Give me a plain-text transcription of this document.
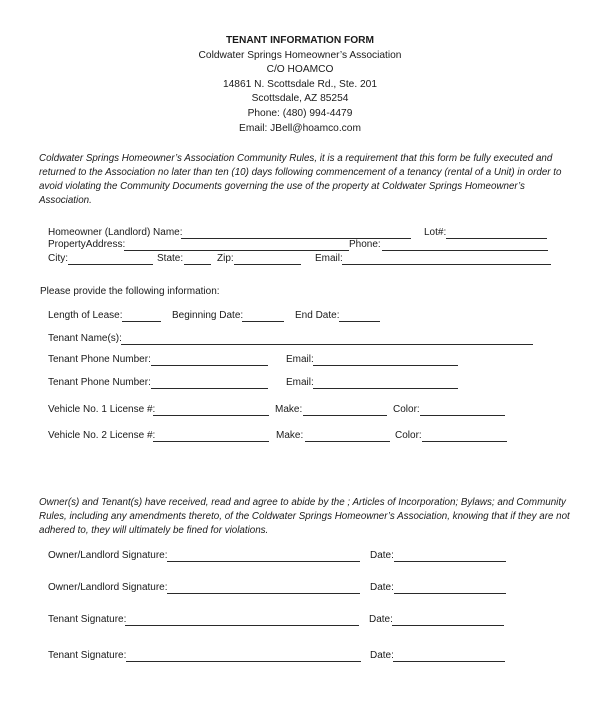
TENANT INFORMATION FORM
Coldwater Springs Homeowner’s Association
C/O HOAMCO
14861 N. Scottsdale Rd., Ste. 201
Scottsdale, AZ 85254
Phone: (480) 994-4479
Email: JBell@hoamco.com

Coldwater Springs Homeowner’s Association Community Rules, it is a requirement that this form be fully executed and returned to the Association no later than ten (10) days following commencement of a tenancy (rental of a Unit) in order to avoid violating the Community Documents governing the use of the property at Coldwater Springs Homeowner’s Association.

Homeowner (Landlord) Name:	Lot#:
PropertyAddress:	Phone:
City:	State:	Zip:	Email:
Please provide the following information:
Length of Lease:	Beginning Date:	End Date:
Tenant Name(s):
Tenant Phone Number:	Email:
Tenant Phone Number:	Email:
Vehicle No. 1 License #:	Make:	Color:
Vehicle No. 2 License #:	Make:	Color:

Owner(s) and Tenant(s) have received, read and agree to abide by the ; Articles of Incorporation; Bylaws; and Community Rules, including any amendments thereto, of the Coldwater Springs Homeowner’s Association, knowing that if they are not adhered to, they will ultimately be fined for violations.

Owner/Landlord Signature:	Date:
Owner/Landlord Signature:	Date:
Tenant Signature:	Date:
Tenant Signature:	Date:
